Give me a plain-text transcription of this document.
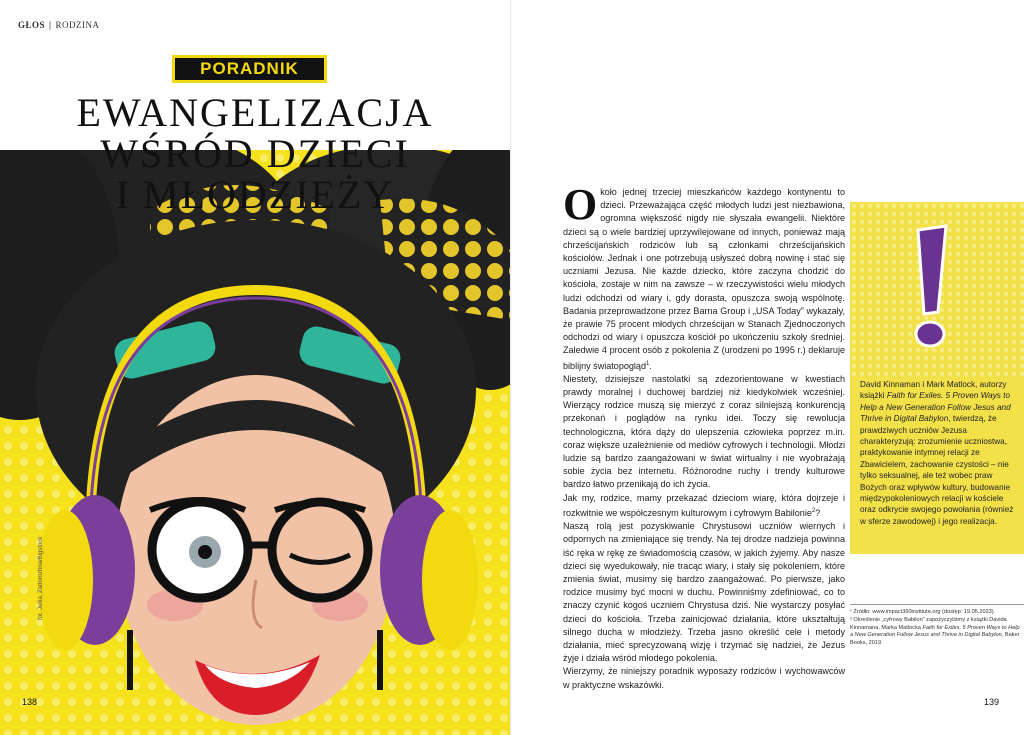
GŁOS | RODZINA
PORADNIK
EWANGELIZACJA
WŚRÓD DZIECI
I MŁODZIEŻY
fot. Juliia, Zadorozhna/Bigstock
138

Około jednej trzeciej mieszkańców każdego kontynentu to dzieci. Przeważająca część młodych ludzi jest niezbawiona, ogromna większość nigdy nie słyszała ewangelii. Niektóre dzieci są o wiele bardziej uprzywilejowane od innych, ponieważ mają chrześcijańskich rodziców lub są członkami chrześcijańskich kościołów. Jednak i one potrzebują usłyszeć dobrą nowinę i stać się uczniami Jezusa. Nie każde dziecko, które zaczyna chodzić do kościoła, zostaje w nim na zawsze – w rzeczywistości wielu młodych ludzi odchodzi od wiary i, gdy dorasta, opuszcza swoją wspólnotę. Badania przeprowadzone przez Barna Group i „USA Today” wykazały, że prawie 75 procent młodych chrześcijan w Stanach Zjednoczonych odchodzi od wiary i opuszcza kościół po ukończeniu szkoły średniej. Zaledwie 4 procent osób z pokolenia Z (urodzeni po 1995 r.) deklaruje biblijny światopogląd$^1$.

Niestety, dzisiejsze nastolatki są zdezorientowane w kwestiach prawdy moralnej i duchowej bardziej niż kiedykolwiek wcześniej. Wierzący rodzice muszą się mierzyć z coraz silniejszą konkurencją przekonań i poglądów na rynku idei. Toczy się rewolucja technologiczna, która dąży do ulepszenia człowieka poprzez m.in. coraz większe uzależnienie od mediów cyfrowych i technologii. Młodzi ludzie są bardzo zaangażowani w świat wirtualny i nie wyobrażają sobie życia bez internetu. Różnorodne ruchy i trendy kulturowe bardzo łatwo przenikają do ich życia.

Jak my, rodzice, mamy przekazać dzieciom wiarę, która dojrzeje i rozkwitnie we współczesnym kulturowym i cyfrowym Babilonie$^2$?

Naszą rolą jest pozyskiwanie Chrystusowi uczniów wiernych i odpornych na zmieniające się trendy. Na tej drodze nadzieja powinna iść ręka w rękę ze świadomością czasów, w jakich żyjemy. Aby nasze dzieci się wyedukowały, nie tracąc wiary, i stały się pokoleniem, które zmienia świat, musimy się bardzo zaangażować. Po pierwsze, jako rodzice musimy być mocni w duchu. Powinniśmy zdefiniować, co to znaczy czynić kogoś uczniem Chrystusa dziś. Nie wystarczy posyłać dzieci do kościoła. Trzeba zainicjować działania, które ukształtują silnego ducha w młodzieży. Trzeba jasno określić cele i metody działania, mieć sprecyzowaną wizję i trzymać się nadziei, że Jezus żyje i działa wśród młodego pokolenia.

Wierzymy, że niniejszy poradnik wyposaży rodziców i wychowawców w praktyczne wskazówki.

David Kinnaman i Mark Matlock, autorzy książki Faith for Exiles. 5 Proven Ways to Help a New Generation Follow Jesus and Thrive in Digital Babylon, twierdzą, że prawdziwych uczniów Jezusa charakteryzują: zrozumienie uczniostwa, praktykowanie intymnej relacji ze Zbawicielem, zachowanie czystości – nie tylko seksualnej, ale też wobec praw Bożych oraz wpływów kultury, budowanie międzypokoleniowych relacji w kościele oraz odkrycie swojego powołania (również w sferze zawodowej) i jego realizacja.
¹ Źródło: www.impact360institute.org (dostęp: 19.05.2023).
² Określenie „cyfrowy Babilon” zapożyczyliśmy z książki Davida Kinnamana, Marka Matlocka Faith for Exiles. 5 Proven Ways to Help a New Generation Follow Jesus and Thrive in Digital Babylon, Baker Books, 2019.
139
